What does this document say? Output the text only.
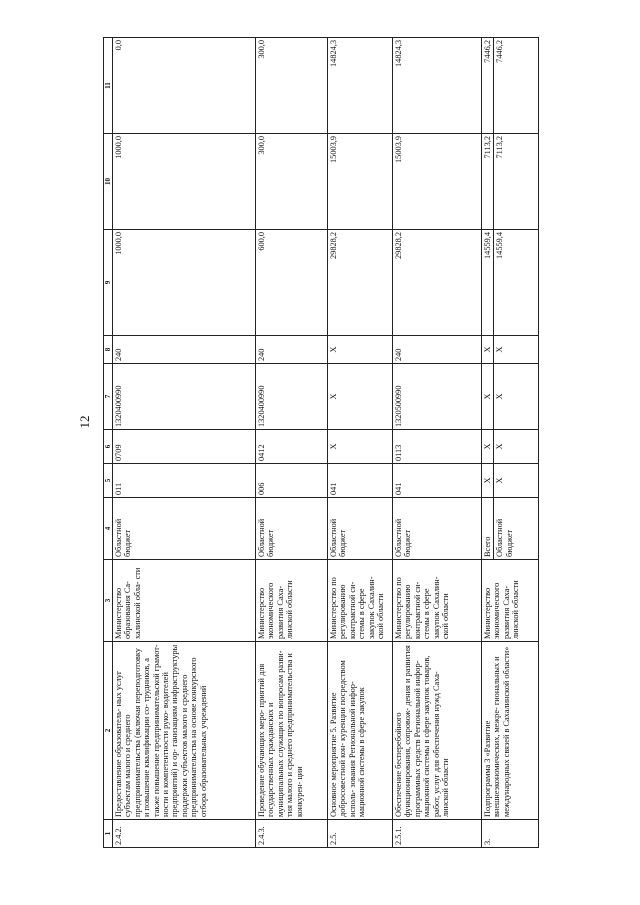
12
1	2	3	4	5	6	7	8	9	10	11
2.4.2.	Предоставление образователь- ных услуг субъектам малого и среднего предпринимательства (включая переподготовку и повышение квалификации со- трудников, а также повышение предпринимательской грамот- ности и компетентности руко- водителей предприятий) и ор- ганизациям инфраструктуры поддержки субъектов малого и среднего предпринимательства на основе конкурсного отбора образовательных учреждений	Министерство образования Са- халинской обла- сти	Областной бюджет	011	0709	1320400990	240	1000,0	1000,0	0,0
2.4.3.	Проведение обучающих меро- приятий для государственных гражданских и муниципальных служащих по вопросам разви- тия малого и среднего предпринимательства и конкурен- ции	Министерство экономического развития Саха- линской области	Областной бюджет	006	0412	1320400990	240	600,0	300,0	300,0
2.5.	Основное мероприятие 5. Развитие добросовестной кон- куренции посредством исполь- зования Региональной инфор- мационной системы в сфере закупок	Министерство по регулированию контрактной си- стемы в сфере закупок Сахалин- ской области	Областной бюджет	041	X	X	X	29828,2	15003,9	14824,3
2.5.1.	Обеспечение бесперебойного функционирования, сопровож- дения и развития программных средств Региональной инфор- мационной системы в сфере закупок товаров, работ, услуг для обеспечения нужд Саха- линской области	Министерство по регулированию контрактной си- стемы в сфере закупок Сахалин- ской области	Областной бюджет	041	0113	1320500990	240	29828,2	15003,9	14824,3
3.	Подпрограмма 3 «Развитие внешнеэкономических, межре- гиональных и международных связей в Сахалинской области»	Министерство экономического развития Саха- линской области	Всего	X	X	X	X	14559,4	7113,2	7446,2
			Областной бюджет	X	X	X	X	14559,4	7113,2	7446,2
